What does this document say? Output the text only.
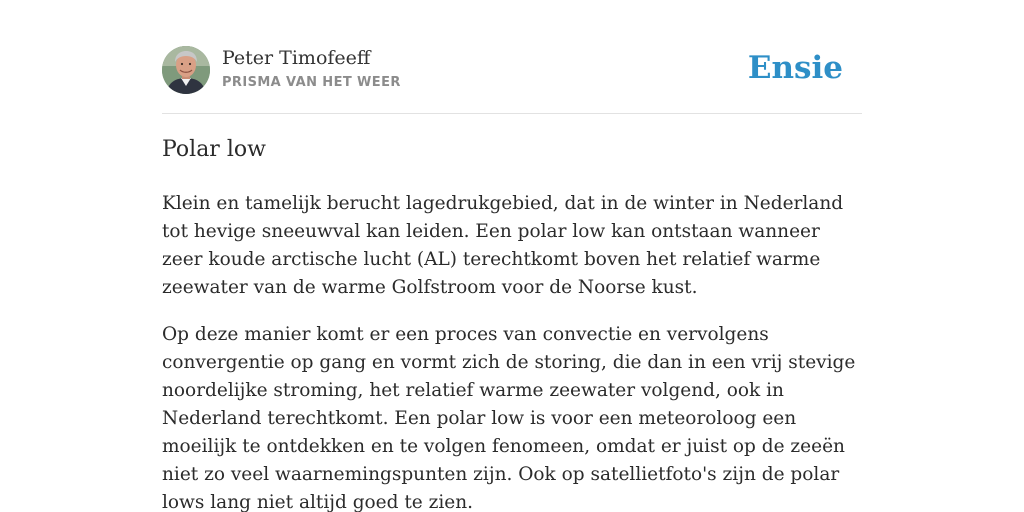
Peter Timofeeff
PRISMA VAN HET WEER	Ensie
Polar low

Klein en tamelijk berucht lagedrukgebied, dat in de winter in Nederland tot hevige sneeuwval kan leiden. Een polar low kan ontstaan wanneer zeer koude arctische lucht (AL) terechtkomt boven het relatief warme zeewater van de warme Golfstroom voor de Noorse kust.

Op deze manier komt er een proces van convectie en vervolgens convergentie op gang en vormt zich de storing, die dan in een vrij stevige noordelijke stroming, het relatief warme zeewater volgend, ook in Nederland terechtkomt. Een polar low is voor een meteoroloog een moeilijk te ontdekken en te volgen fenomeen, omdat er juist op de zeeën niet zo veel waarnemingspunten zijn. Ook op satellietfoto's zijn de polar lows lang niet altijd goed te zien.
